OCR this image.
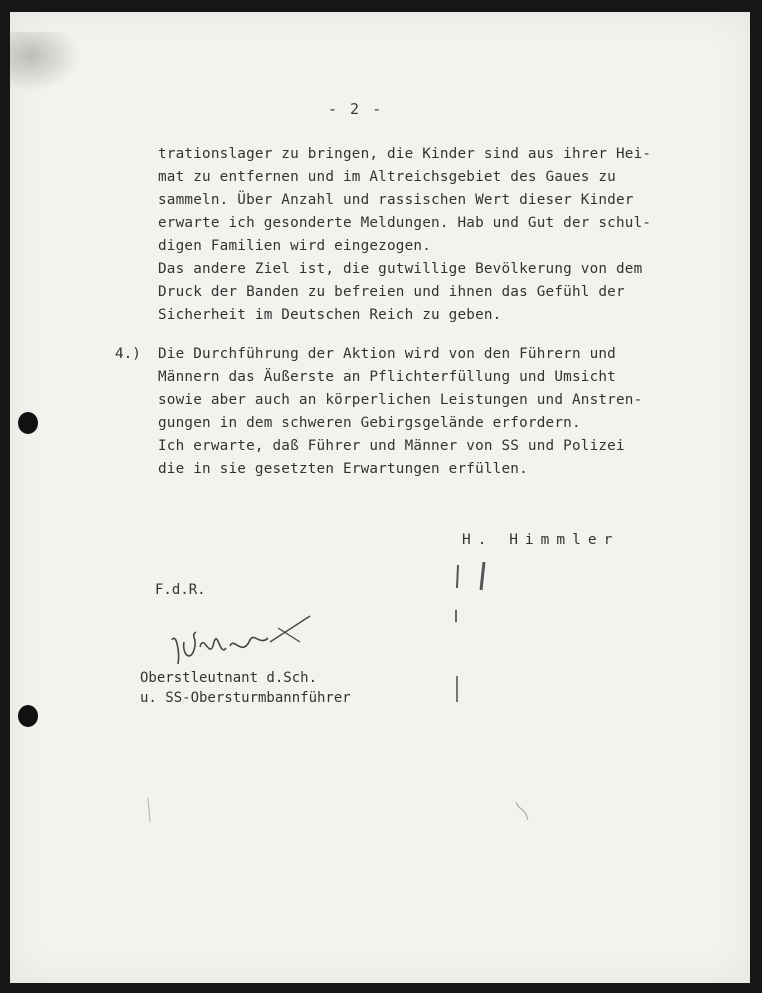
- 2 -
trationslager zu bringen, die Kinder sind aus ihrer Hei-
mat zu entfernen und im Altreichsgebiet des Gaues zu
sammeln. Über Anzahl und rassischen Wert dieser Kinder
erwarte ich gesonderte Meldungen. Hab und Gut der schul-
digen Familien wird eingezogen.
Das andere Ziel ist, die gutwillige Bevölkerung von dem
Druck der Banden zu befreien und ihnen das Gefühl der
Sicherheit im Deutschen Reich zu geben.
4.) Die Durchführung der Aktion wird von den Führern und
Männern das Äußerste an Pflichterfüllung und Umsicht
sowie aber auch an körperlichen Leistungen und Anstren-
gungen in dem schweren Gebirgsgelände erfordern.
Ich erwarte, daß Führer und Männer von SS und Polizei
die in sie gesetzten Erwartungen erfüllen.
H. Himmler
F.d.R.
Oberstleutnant d.Sch.
u. SS-Obersturmbannführer
